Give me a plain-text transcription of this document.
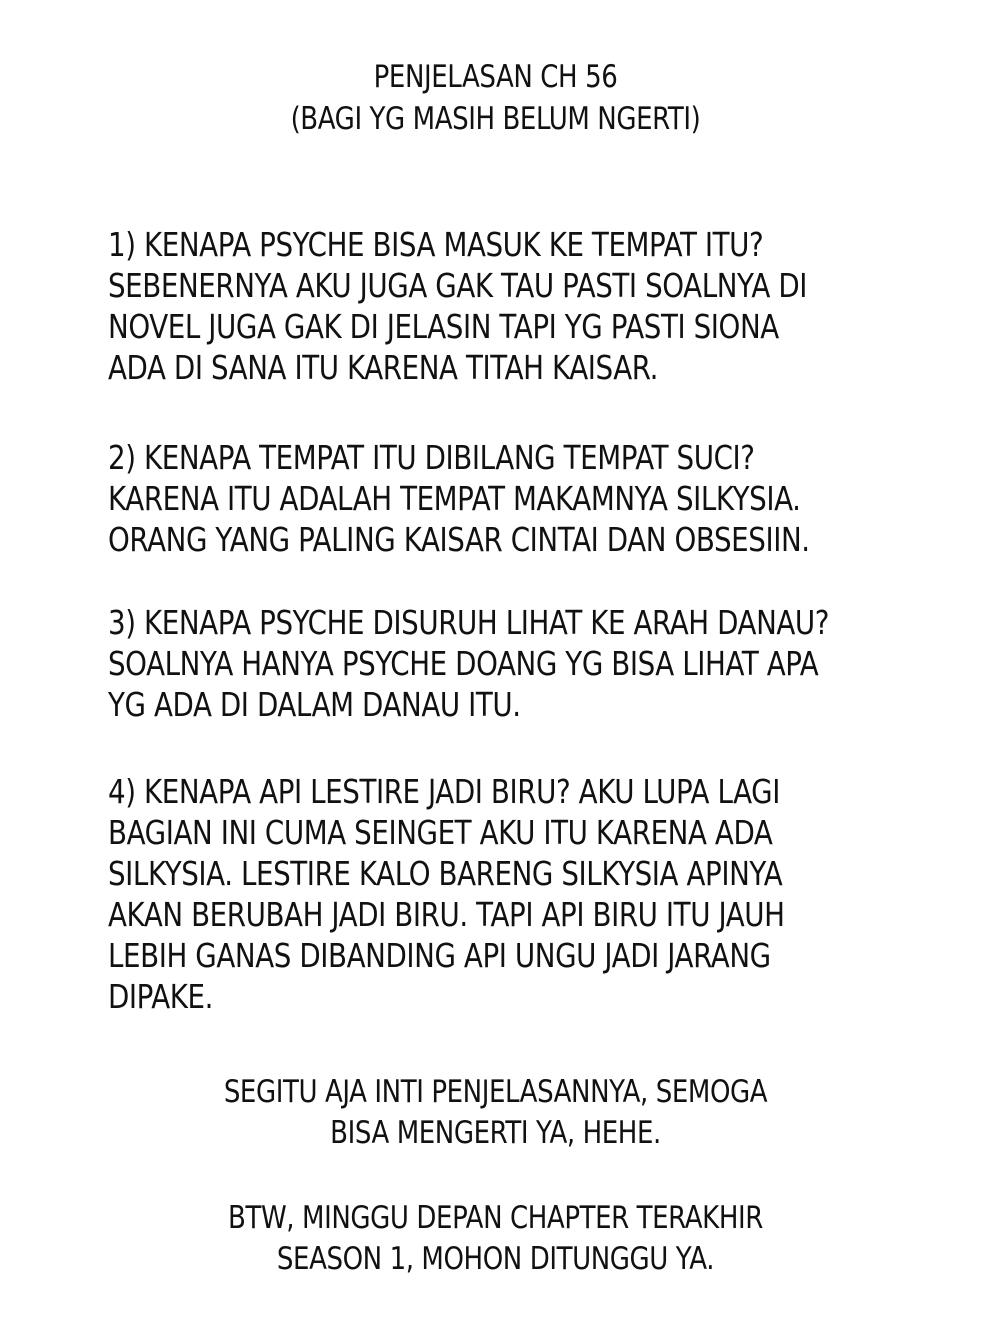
PENJELASAN CH 56
(BAGI YG MASIH BELUM NGERTI)
1) KENAPA PSYCHE BISA MASUK KE TEMPAT ITU?
SEBENERNYA AKU JUGA GAK TAU PASTI SOALNYA DI
NOVEL JUGA GAK DI JELASIN TAPI YG PASTI SIONA
ADA DI SANA ITU KARENA TITAH KAISAR.
2) KENAPA TEMPAT ITU DIBILANG TEMPAT SUCI?
KARENA ITU ADALAH TEMPAT MAKAMNYA SILKYSIA.
ORANG YANG PALING KAISAR CINTAI DAN OBSESIIN.
3) KENAPA PSYCHE DISURUH LIHAT KE ARAH DANAU?
SOALNYA HANYA PSYCHE DOANG YG BISA LIHAT APA
YG ADA DI DALAM DANAU ITU.
4) KENAPA API LESTIRE JADI BIRU? AKU LUPA LAGI
BAGIAN INI CUMA SEINGET AKU ITU KARENA ADA
SILKYSIA. LESTIRE KALO BARENG SILKYSIA APINYA
AKAN BERUBAH JADI BIRU. TAPI API BIRU ITU JAUH
LEBIH GANAS DIBANDING API UNGU JADI JARANG
DIPAKE.
SEGITU AJA INTI PENJELASANNYA, SEMOGA
BISA MENGERTI YA, HEHE.
BTW, MINGGU DEPAN CHAPTER TERAKHIR
SEASON 1, MOHON DITUNGGU YA.
